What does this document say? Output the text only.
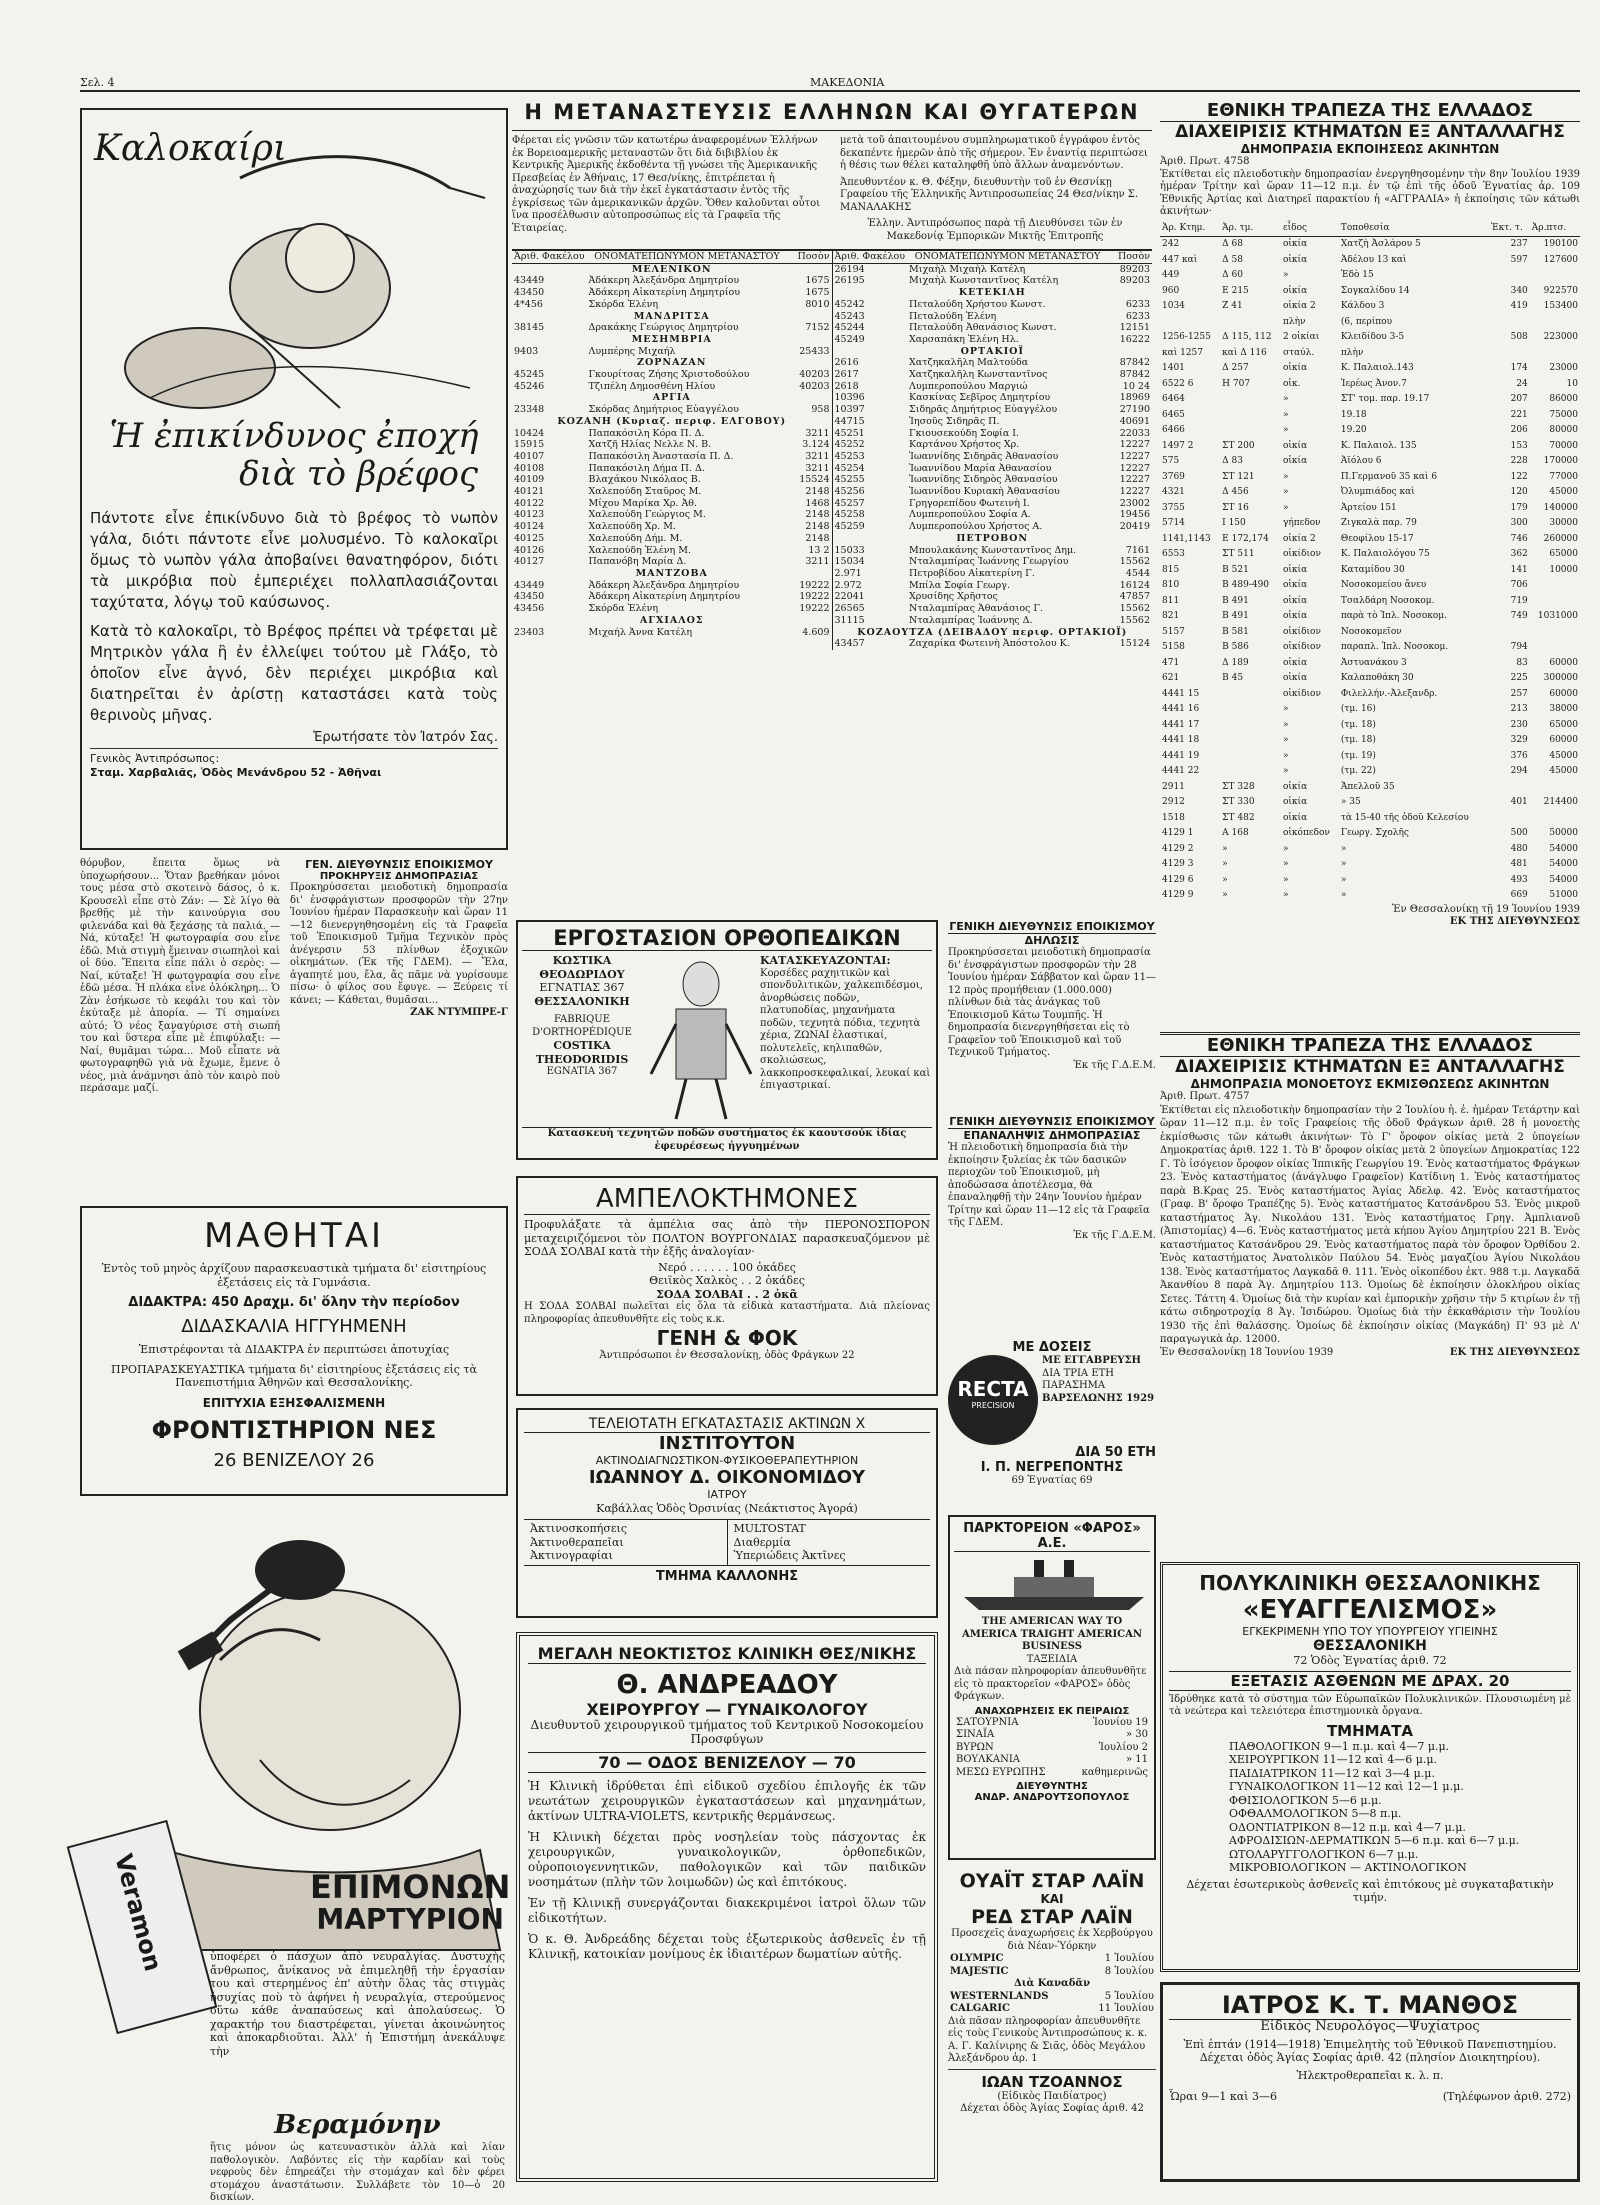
Σελ. 4	ΜΑΚΕΔΟΝΙΑ
Καλοκαίρι
Ἡ ἐπικίνδυνος ἐποχή
διὰ τὸ βρέφος
Πάντοτε εἶνε ἐπικίνδυνο διὰ τὸ βρέφος τὸ νωπὸν γάλα, διότι πάντοτε εἶνε μολυσμένο. Τὸ καλοκαῖρι ὅμως τὸ νωπὸν γάλα ἀποβαίνει θανατηφόρον, διότι τὰ μικρόβια ποὺ ἐμπεριέχει πολλαπλασιάζονται ταχύτατα, λόγῳ τοῦ καύσωνος.
Κατὰ τὸ καλοκαῖρι, τὸ Βρέφος πρέπει νὰ τρέφεται μὲ Μητρικὸν γάλα ἢ ἐν ἐλλείψει τούτου μὲ Γλάξο, τὸ ὁποῖον εἶνε ἁγνό, δὲν περιέχει μικρόβια καὶ διατηρεῖται ἐν ἀρίστῃ καταστάσει κατὰ τοὺς θερινοὺς μῆνας.
Ἐρωτήσατε τὸν Ἰατρόν Σας.
Γενικὸς Ἀντιπρόσωπος:
Σταμ. Χαρβαλιᾶς, Ὁδὸς Μενάνδρου 52 - Ἀθῆναι
θόρυβον, ἔπειτα ὅμως νὰ ὑποχωρήσουν... Ὅταν βρεθήκαν μόνοι τους μέσα στὸ σκοτεινὸ δάσος, ὁ κ. Κρουσελὶ εἶπε στὸ Ζάν: — Σὲ λίγο θὰ βρεθῇς μὲ τὴν καινούργια σου φιλενάδα καὶ θὰ ξεχάσῃς τὰ παλιά. — Νά, κύταξε! Ἡ φωτογραφία σου εἶνε ἐδῶ. Μιὰ στιγμὴ ἔμειναν σιωπηλοὶ καὶ οἱ δύο. Ἔπειτα εἶπε πάλι ὁ σερὸς: — Ναί, κύταξε! Ἡ φωτογραφία σου εἶνε ἐδῶ μέσα. Ἡ πλάκα εἶνε ὁλόκληρη... Ὁ Ζὰν ἐσήκωσε τὸ κεφάλι του καὶ τὸν ἐκύταξε μὲ ἀπορία. — Τί σημαίνει αὐτό; Ὁ νέος ξαναγύρισε στὴ σιωπή του καὶ ὕστερα εἶπε μὲ ἐπιφύλαξι: — Ναί, θυμᾶμαι τώρα... Μοῦ εἶπατε νὰ φωτογραφηθῶ γιὰ νὰ ἔχωμε, ἔμενε ὁ νέος, μιὰ ἀνάμνησι ἀπὸ τὸν καιρὸ ποὺ περάσαμε μαζί.
ΓΕΝ. ΔΙΕΥΘΥΝΣΙΣ ΕΠΟΙΚΙΣΜΟΥ
ΠΡΟΚΗΡΥΞΙΣ ΔΗΜΟΠΡΑΣΙΑΣ
Προκηρύσσεται μειοδοτικὴ δημοπρασία δι' ἐνσφράγιστων προσφορῶν τὴν 27ην Ἰουνίου ἡμέραν Παρασκευὴν καὶ ὥραν 11—12 διενεργηθησομένη εἰς τὰ Γραφεῖα τοῦ Ἐποικισμοῦ Τμῆμα Τεχνικὸν πρὸς ἀνέγερσιν 53 πλίνθων ἐξοχικῶν οἰκημάτων. (Ἐκ τῆς ΓΔΕΜ). — Ἔλα, ἀγαπητέ μου, ἔλα, ἄς πᾶμε νὰ γυρίσουμε πίσω· ὁ φίλος σου ἔφυγε. — Ξεύρεις τί κάνει; — Κάθεται, θυμᾶσαι...
ΖΑΚ ΝΤΥΜΠΡΕ-Γ
ΜΑΘΗΤΑΙ
Ἐντὸς τοῦ μηνὸς ἀρχίζουν παρασκευαστικὰ τμήματα δι' εἰσιτηρίους ἐξετάσεις εἰς τὰ Γυμνάσια.
ΔΙΔΑΚΤΡΑ: 450 Δραχμ. δι' ὅλην τὴν περίοδον
ΔΙΔΑΣΚΑΛΙΑ ΗΓΓΥΗΜΕΝΗ
Ἐπιστρέφονται τὰ ΔΙΔΑΚΤΡΑ ἐν περιπτώσει ἀποτυχίας
ΠΡΟΠΑΡΑΣΚΕΥΑΣΤΙΚΑ τμήματα δι' εἰσιτηρίους ἐξετάσεις εἰς τὰ Πανεπιστήμια Ἀθηνῶν καὶ Θεσσαλονίκης.
ΕΠΙΤΥΧΙΑ ΕΞΗΣΦΑΛΙΣΜΕΝΗ
ΦΡΟΝΤΙΣΤΗΡΙΟΝ ΝΕΣ
26 ΒΕΝΙΖΕΛΟΥ 26
Veramon	ΕΠΙΜΟΝΩΝ
ΜΑΡΤΥΡΙΟΝ
ὑποφέρει ὁ πάσχων ἀπὸ νευραλγίας. Δυστυχὴς ἄνθρωπος, ἄνίκανος νὰ ἐπιμεληθῇ τὴν ἐργασίαν του καὶ στερημένος ἐπ' αὐτὴν ὅλας τὰς στιγμὰς ἡσυχίας ποὺ τὸ ἀφήνει ἡ νευραλγία, στερούμενος οὕτω κάθε ἀναπαύσεως καὶ ἀπολαύσεως. Ὁ χαρακτήρ του διαστρέφεται, γίνεται ἀκοινώνητος καὶ ἀποκαρδιοῦται. Ἀλλ' ἡ Ἐπιστήμη ἀνεκάλυψε τὴν
Βεραμόνην
ἥτις μόνον ὡς κατευναστικὸν ἀλλὰ καὶ λίαν παθολογικὸν. Λαβόντες εἰς τὴν καρδίαν καὶ τοὺς νεφροὺς δὲν ἐπηρεάζει τὴν στομάχαν καὶ δὲν φέρει στομάχου ἀναστάτωσιν. Συλλάβετε τὸν 10—ὁ 20 δισκίων.
Η ΜΕΤΑΝΑΣΤΕΥΣΙΣ ΕΛΛΗΝΩΝ ΚΑΙ ΘΥΓΑΤΕΡΩΝ
Φέρεται εἰς γνῶσιν τῶν κατωτέρω ἀναφερομένων Ἑλλήνων ἐκ Βορειοαμερικῆς μεταναστῶν ὅτι διὰ διβιβλίου ἐκ Κεντρικῆς Ἀμερικῆς ἐκδοθέντα τῇ γνώσει τῆς Ἀμερικανικῆς Πρεσβείας ἐν Ἀθήναις, 17 Θεσ/νίκης, ἐπιτρέπεται ἡ ἀναχώρησίς των διὰ τὴν ἐκεῖ ἐγκατάστασιν ἐντὸς τῆς ἐγκρίσεως τῶν ἀμερικανικῶν ἀρχῶν. Ὅθεν καλοῦνται οὗτοι ἵνα προσέλθωσιν αὐτοπροσώπως εἰς τὰ Γραφεῖα τῆς Ἑταιρείας.
μετὰ τοῦ ἀπαιτουμένου συμπληρωματικοῦ ἐγγράφου ἐντὸς δεκαπέντε ἡμερῶν ἀπὸ τῆς σήμερον. Ἐν ἐναντίᾳ περιπτώσει ἡ θέσις των θέλει καταληφθῆ ὑπὸ ἄλλων ἀναμενόντων.
Ἀπευθυντέον κ. Θ. Φέξην, διευθυντὴν τοῦ ἐν Θεσνίκῃ Γραφείου τῆς Ἑλληνικῆς Ἀντιπροσωπείας 24 Θεσ/νίκην Σ. ΜΑΝΑΛΑΚΗΣ
Ἑλλην. Ἀντιπρόσωπος παρὰ τῇ Διευθύνσει τῶν ἐν Μακεδονίᾳ Ἐμπορικῶν Μικτῆς Ἐπιτροπῆς
Ἀριθ. Φακέλου	ΟΝΟΜΑΤΕΠΩΝΥΜΟΝ ΜΕΤΑΝΑΣΤΟΥ	Ποσὸν
ΜΕΛΕΝΙΚΟΝ		
43449	Ἀδάκερη Ἀλεξάνδρα Δημητρίου	1675
43450	Ἀδάκερη Αἰκατερίνη Δημητρίου	1675
4*456	Σκόρδα Ἑλένη	8010
ΜΑΝΔΡΙΤΣΑ		
38145	Δρακάκης Γεώργιος Δημητρίου	7152
ΜΕΣΗΜΒΡΙΑ		
9403	Λυμπέρης Μιχαήλ	25433
ΖΟΡΝΑΖΑΝ		
45245	Γκουρίτσας Ζήσης Χριστοδούλου	40203
45246	Τζιπέλη Δημοσθένη Ηλίου	40203
ΑΡΓΙΑ		
23348	Σκόρδας Δημήτριος Εὐαγγέλου	958
ΚΟΖΑΝΗ (Κυριαζ. περιφ. ΕΛΓΟΒΟΥ)		
10424	Παπακόσιλη Κόρα Π. Δ.	3211
15915	Χατζῆ Ηλίας Νελλε Ν. Β.	3.124
40107	Παπακόσιλη Ἀναστασία Π. Δ.	3211
40108	Παπακόσιλη Δήμα Π. Δ.	3211
40109	Βλαχάκου Νικόλαος Β.	15524
40121	Χαλεπούδη Σταῦρος Μ.	2148
40122	Μίχου Μαρίκα Χρ. Ἀθ.	1468
40123	Χαλεπούδη Γεώργιος Μ.	2148
40124	Χαλεπούδη Χρ. Μ.	2148
40125	Χαλεπούδη Δήμ. Μ.	2148
40126	Χαλεπούδη Ἑλένη Μ.	13 2
40127	Παπανόβη Μαρία Δ.	3211
ΜΑΝΤΖΟΒΑ		
43449	Ἀδάκερη Ἀλεξάνδρα Δημητρίου	19222
43450	Ἀδάκερη Αἰκατερίνη Δημητρίου	19222
43456	Σκόρδα Ἑλένη	19222
ΑΓΧΙΑΛΟΣ		
23403	Μιχαήλ Ἀννα Κατέλη	4.609
Ἀριθ. Φακέλου	ΟΝΟΜΑΤΕΠΩΝΥΜΟΝ ΜΕΤΑΝΑΣΤΟΥ	Ποσὸν
26194	Μιχαὴλ Μιχαὴλ Κατέλη	89203
26195	Μιχαὴλ Κωνσταντῖνος Κατέλη	89203
ΚΕΤΕΚΙΛΗ		
45242	Πεταλούδη Χρήστου Κωνστ.	6233
45243	Πεταλούδη Ἑλένη	6233
45244	Πεταλούδη Ἀθανάσιος Κωνστ.	12151
45249	Χαρσαπάκη Ἑλένη Ηλ.	16222
ΟΡΤΑΚΙΟΪ		
2616	Χατζηκαλῆλη Μαλτούδα	87842
2617	Χατζηκαλῆλη Κωνσταντῖνος	87842
2618	Λυμπεροπούλου Μαργιώ	10 24
10396	Κασκίνας Σεβῖρος Δημητρίου	18969
10397	Σιδηρᾶς Δημήτριος Εὐαγγέλου	27190
44715	Ἰησοῦς Σιδηρᾶς Π.	40691
45251	Γκιουσεκούδη Σοφία Ι.	22033
45252	Καρτάνου Χρήστος Χρ.	12227
45253	Ἰωαννίδης Σιδηρᾶς Ἀθανασίου	12227
45254	Ἰωαννίδου Μαρία Ἀθανασίου	12227
45255	Ἰωαννίδης Σιδηρὸς Ἀθανασίου	12227
45256	Ἰωαννίδου Κυριακὴ Ἀθανασίου	12227
45257	Γρηγορεπίδου Φωτεινὴ Ι.	23002
45258	Λυμπεροπούλου Σοφία Α.	19456
45259	Λυμπεροπούλου Χρήστος Α.	20419
ΠΕΤΡΟΒΟΝ		
15033	Μπουλακάνης Κωνσταντῖνος Δημ.	7161
15034	Νταλαμπίρας Ἰωάννης Γεωργίου	15562
2.971	Πετροβίδου Αἰκατερίνη Γ.	4544
2.972	Μπίλα Σοφία Γεωργ.	16124
22041	Χρυσίδης Χρῆστος	47857
26565	Νταλαμπίρας Ἀθανάσιος Γ.	15562
31115	Νταλαμπίρας Ἰωάννης Δ.	15562
ΚΟΖΑΟΥΤΖΑ (ΔΕΙΒΑΔΟΥ περιφ. ΟΡΤΑΚΙΟΪ)		
43457	Ζαχαρίκα Φωτεινὴ Ἀπόστολου Κ.	15124
ΕΡΓΟΣΤΑΣΙΟΝ ΟΡΘΟΠΕΔΙΚΩΝ
ΚΩΣΤΙΚΑ ΘΕΟΔΩΡΙΔΟΥ
ΕΓΝΑΤΙΑΣ 367
ΘΕΣΣΑΛΟΝΙΚΗ
FABRIQUE D'ORTHOPÉDIQUE
COSTIKA THEODORIDIS
EGNATIA 367
ΚΑΤΑΣΚΕΥΑΖΟΝΤΑΙ:
Κορσέδες ραχηιτικῶν καὶ σπονδυλιτικῶν, χαλκεπιδέσμοι, ἀνορθώσεις ποδῶν, πλατυποδίας, μηχανήματα ποδῶν, τεχνητὰ πόδια, τεχνητὰ χέρια, ΖΩΝΑΙ ἐλαστικαί, πολυτελεῖς, κηλιπαθῶν, σκολιώσεως, λακκοπροσκεφαλικαί, λευκαί καὶ ἐπιγαστρικαί.
Κατασκευὴ τεχνητῶν ποδῶν συστήματος ἐκ καουτσούκ ἰδίας ἐφευρέσεως ἠγγυημένων
ΓΕΝΙΚΗ ΔΙΕΥΘΥΝΣΙΣ ΕΠΟΙΚΙΣΜΟΥ
ΔΗΛΩΣΙΣ
Προκηρύσσεται μειοδοτικὴ δημοπρασία δι' ἐνσφράγιστων προσφορῶν τὴν 28 Ἰουνίου ἡμέραν Σάββατον καὶ ὥραν 11—12 πρὸς προμήθειαν (1.000.000) πλίνθων διὰ τὰς ἀνάγκας τοῦ Ἐποικισμοῦ Κάτω Τουμπῆς. Ἡ δημοπρασία διενεργηθήσεται εἰς τὸ Γραφεῖον τοῦ Ἐποικισμοῦ καὶ τοῦ Τεχνικοῦ Τμήματος.
Ἐκ τῆς Γ.Δ.Ε.Μ.
ΓΕΝΙΚΗ ΔΙΕΥΘΥΝΣΙΣ ΕΠΟΙΚΙΣΜΟΥ
ΕΠΑΝΑΛΗΨΙΣ ΔΗΜΟΠΡΑΣΙΑΣ
Ἡ πλειοδοτικὴ δημοπρασία διὰ τὴν ἐκποίησιν ξυλείας ἐκ τῶν δασικῶν περιοχῶν τοῦ Ἐποικισμοῦ, μὴ ἀποδώσασα ἀποτέλεσμα, θὰ ἐπαναληφθῇ τὴν 24ην Ἰουνίου ἡμέραν Τρίτην καὶ ὥραν 11—12 εἰς τὰ Γραφεῖα τῆς ΓΔΕΜ.
Ἐκ τῆς Γ.Δ.Ε.Μ.
ΑΜΠΕΛΟΚΤΗΜΟΝΕΣ
Προφυλάξατε τὰ ἀμπέλια σας ἀπὸ τὴν ΠΕΡΟΝΟΣΠΟΡΟΝ μεταχειριζόμενοι τὸν ΠΟΛΤΟΝ ΒΟΥΡΓΟΝΔΙΑΣ παρασκευαζόμενον μὲ ΣΟΔΑ ΣΟΛΒΑΙ κατὰ τὴν ἑξῆς ἀναλογίαν·
Νερό . . . . . . 100 ὀκάδες
Θειϊκὸς Χαλκὸς . . 2 ὀκάδες
ΣΟΔΑ ΣΟΛΒΑΙ . . 2 ὀκᾶ
Η ΣΟΔΑ ΣΟΛΒΑΙ πωλεῖται εἰς ὅλα τὰ εἰδικὰ καταστήματα. Διὰ πλείονας πληροφορίας ἀπευθυνθῆτε εἰς τοὺς κ.κ.
ΓΕΝΗ & ΦΟΚ
Ἀντιπρόσωποι ἐν Θεσσαλονίκῃ, ὁδὸς Φράγκων 22
ΜΕ ΔΟΣΕΙΣ
RECTA
PRECISION
ΜΕ ΕΓΓΑΒΡΕΥΣΗ
ΔΙΑ ΤΡΙΑ ΕΤΗ
ΠΑΡΑΣΗΜΑ
ΒΑΡΣΕΛΩΝΗΣ 1929
ΔΙΑ 50 ΕΤΗ
Ι. Π. ΝΕΓΡΕΠΟΝΤΗΣ
69 Ἐγνατίας 69
ΤΕΛΕΙΟΤΑΤΗ ΕΓΚΑΤΑΣΤΑΣΙΣ ΑΚΤΙΝΩΝ Χ
ΙΝΣΤΙΤΟΥΤΟΝ
ΑΚΤΙΝΟΔΙΑΓΝΩΣΤΙΚΟΝ-ΦΥΣΙΚΟΘΕΡΑΠΕΥΤΗΡΙΟΝ
ΙΩΑΝΝΟΥ Δ. ΟΙΚΟΝΟΜΙΔΟΥ
ΙΑΤΡΟΥ
Καβάλλας Ὁδὸς Ὀρσινίας (Νεάκτιστος Ἀγορά)
Ἀκτινοσκοπήσεις
Ἀκτινοθεραπεῖαι
Ἀκτινογραφίαι
MULTOSTAT
Διαθερμία
Ὑπεριώδεις Ἀκτῖνες
ΤΜΗΜΑ ΚΑΛΛΟΝΗΣ
ΜΕΓΑΛΗ ΝΕΟΚΤΙΣΤΟΣ ΚΛΙΝΙΚΗ ΘΕΣ/ΝΙΚΗΣ
Θ. ΑΝΔΡΕΑΔΟΥ
ΧΕΙΡΟΥΡΓΟΥ — ΓΥΝΑΙΚΟΛΟΓΟΥ
Διευθυντοῦ χειρουργικοῦ τμήματος τοῦ Κεντρικοῦ Νοσοκομείου Προσφύγων
70 — ΟΔΟΣ ΒΕΝΙΖΕΛΟΥ — 70
Ἡ Κλινικὴ ἱδρύθεται ἐπὶ εἰδικοῦ σχεδίου ἐπιλογῆς ἐκ τῶν νεωτάτων χειρουργικῶν ἐγκαταστάσεων καὶ μηχανημάτων, ἀκτίνων ULTRA-VIOLETS, κεντρικῆς θερμάνσεως.
Ἡ Κλινικὴ δέχεται πρὸς νοσηλείαν τοὺς πάσχοντας ἐκ χειρουργικῶν, γυναικολογικῶν, ὀρθοπεδικῶν, οὐροποιογεννητικῶν, παθολογικῶν καὶ τῶν παιδικῶν νοσημάτων (πλὴν τῶν λοιμωδῶν) ὡς καὶ ἐπιτόκους.
Ἐν τῇ Κλινικῇ συνεργάζονται διακεκριμένοι ἰατροὶ ὅλων τῶν εἰδικοτήτων.
Ὁ κ. Θ. Ἀνδρεάδης δέχεται τοὺς ἐξωτερικοὺς ἀσθενεῖς ἐν τῇ Κλινικῇ, κατοικίαν μονίμους ἐκ ἰδιαιτέρων δωματίων αὐτῆς.
ΠΑΡΚΤΟΡΕΙΟΝ «ΦΑΡΟΣ» Α.Ε.
THE AMERICAN WAY TO AMERICA TRAIGHT AMERICAN BUSINESS
ΤΑΞΕΙΔΙΑ
Διὰ πάσαν πληροφορίαν ἀπευθυνθῆτε εἰς τὸ πρακτορεῖον «ΦΑΡΟΣ» ὁδὸς Φράγκων.
ΑΝΑΧΩΡΗΣΕΙΣ ΕΚ ΠΕΙΡΑΙΩΣ
ΣΑΤΟΥΡΝΙΑ	Ἰουνίου 19
ΣΙΝΑΪΑ	» 30
ΒΥΡΩΝ	Ἰουλίου 2
ΒΟΥΛΚΑΝΙΑ	» 11
ΜΕΣΩ ΕΥΡΩΠΗΣ	καθημερινῶς
ΔΙΕΥΘΥΝΤΗΣ
ΑΝΔΡ. ΑΝΔΡΟΥΤΣΟΠΟΥΛΟΣ
ΟΥΑΪΤ ΣΤΑΡ ΛΑΪΝ
ΚΑΙ
ΡΕΔ ΣΤΑΡ ΛΑΪΝ
Προσεχεῖς ἀναχωρήσεις ἐκ Χερβούργου διὰ Νέαν-Ὑόρκην
OLYMPIC	1 Ἰουλίου
MAJESTIC	8 Ἰουλίου
Διὰ Καναδᾶν
WESTERNLANDS	5 Ἰουλίου
CALGARIC	11 Ἰουλίου
Διὰ πᾶσαν πληροφορίαν ἀπευθυνθῆτε εἰς τοὺς Γενικοὺς Ἀντιπροσώπους κ. κ. Α. Γ. Καλίνιρης & Σιᾶς, ὁδὸς Μεγάλου Ἀλεξάνδρου ἀρ. 1
ΙΩΑΝ ΤΖΟΑΝΝΟΣ
(Εἰδικὸς Παιδίατρος)
Δέχεται ὁδὸς Ἁγίας Σοφίας ἀριθ. 42
ΕΘΝΙΚΗ ΤΡΑΠΕΖΑ ΤΗΣ ΕΛΛΑΔΟΣ
ΔΙΑΧΕΙΡΙΣΙΣ ΚΤΗΜΑΤΩΝ ΕΞ ΑΝΤΑΛΛΑΓΗΣ
ΔΗΜΟΠΡΑΣΙΑ ΕΚΠΟΙΗΣΕΩΣ ΑΚΙΝΗΤΩΝ
Ἀριθ. Πρωτ. 4758
Ἐκτίθεται εἰς πλειοδοτικὴν δημοπρασίαν ἐνεργηθησομένην τὴν 8ην Ἰουλίου 1939 ἡμέραν Τρίτην καὶ ὥραν 11—12 π.μ. ἐν τῷ ἐπὶ τῆς ὁδοῦ Ἐγνατίας ἀρ. 109 Ἐθνικῆς Ἀρτίας καὶ Διατηρεῖ παρακτίου ἡ «ΑΓΓΡΑΛΙΑ» ἡ ἐκποίησις τῶν κάτωθι ἀκινήτων·
Ἀρ. Κτημ.	Ἀρ. τμ.	εἶδος	Τοποθεσία	Ἐκτ. τ.	Ἀρ.πτσ.
242	Δ 68	οἰκία	Χατζὴ Ἀσλάρου 5	237	190100
447 καὶ	Δ 58	οἰκία	Ἀδέλου 13 καὶ	597	127600
449	Δ 60	»	Ἐδὸ 15		
960	Ε 215	οἰκία	Σογκαλίδου 14	340	922570
1034	Ζ 41	οἰκία 2	Κάλδου 3	419	153400
		πλὴν	(6, περίπου		
1256-1255	Δ 115, 112	2 οἰκίαι	Κλειδίδου 3-5	508	223000
καὶ 1257	καὶ Δ 116	σταύλ.	πλὴν		
1401	Δ 257	οἰκία	Κ. Παλαιολ.143	174	23000
6522 6	Η 707	οἰκ.	Ἱερέως Ἀνον.7	24	10
6464		»	ΣΤ' τομ. παρ. 19.17	207	86000
6465		»	19.18	221	75000
6466		»	19.20	206	80000
1497 2	ΣΤ 200	οἰκία	Κ. Παλαιολ. 135	153	70000
575	Δ 83	οἰκία	Ἀϊόλου 6	228	170000
3769	ΣΤ 121	»	Π.Γερμανοῦ 35 καὶ 6	122	77000
4321	Δ 456	»	Ὀλυμπιάδος καὶ	120	45000
3755	ΣΤ 16	»	Ἀρτείου 151	179	140000
5714	Ι 150	γήπεδον	Ζιγκαλὰ παρ. 79	300	30000
1141,1143	Ε 172,174	οἰκία 2	Θεοφίλου 15-17	746	260000
6553	ΣΤ 511	οἰκίδιον	Κ. Παλαιολόγου 75	362	65000
815	Β 521	οἰκία	Καταμίδου 30	141	10000
810	Β 489-490	οἰκία	Νοσοκομείου ἄνευ	706	
811	Β 491	οἰκία	Τσαλδάρη Νοσοκομ.	719	
821	Β 491	οἰκία	παρὰ τὸ Ἰπλ. Νοσοκομ.	749	1031000
5157	Β 581	οἰκίδιον	Νοσοκομεῖον		
5158	Β 586	οἰκίδιον	παραπλ. Ἰπλ. Νοσοκομ.	794	
471	Δ 189	οἰκία	Ἀστυανάκου 3	83	60000
621	Β 45	οἰκία	Καλαποθάκη 30	225	300000
4441 15		οἰκίδιον	Φιλελλήν.-Ἀλεξανδρ.	257	60000
4441 16		»	(τμ. 16)	213	38000
4441 17		»	(τμ. 18)	230	65000
4441 18		»	(τμ. 18)	329	60000
4441 19		»	(τμ. 19)	376	45000
4441 22		»	(τμ. 22)	294	45000
2911	ΣΤ 328	οἰκία	Ἀπελλοῦ 35		
2912	ΣΤ 330	οἰκία	» 35	401	214400
1518	ΣΤ 482	οἰκία	τὰ 15-40 τῆς ὁδοῦ Κελεσίου		
4129 1	Α 168	οἰκόπεδον	Γεωργ. Σχολῆς	500	50000
4129 2	»	»	»	480	54000
4129 3	»	»	»	481	54000
4129 6	»	»	»	493	54000
4129 9	»	»	»	669	51000
Ἐν Θεσσαλονίκῃ τῇ 19 Ἰουνίου 1939
ΕΚ ΤΗΣ ΔΙΕΥΘΥΝΣΕΩΣ
ΕΘΝΙΚΗ ΤΡΑΠΕΖΑ ΤΗΣ ΕΛΛΑΔΟΣ
ΔΙΑΧΕΙΡΙΣΙΣ ΚΤΗΜΑΤΩΝ ΕΞ ΑΝΤΑΛΛΑΓΗΣ
ΔΗΜΟΠΡΑΣΙΑ ΜΟΝΟΕΤΟΥΣ ΕΚΜΙΣΘΩΣΕΩΣ ΑΚΙΝΗΤΩΝ
Ἀριθ. Πρωτ. 4757
Ἐκτίθεται εἰς πλειοδοτικὴν δημοπρασίαν τὴν 2 Ἰουλίου ἡ. ἐ. ἡμέραν Τετάρτην καὶ ὥραν 11—12 π.μ. ἐν τοῖς Γραφείοις τῆς ὁδοῦ Φράγκων ἀριθ. 28 ἡ μονοετὴς ἐκμίσθωσις τῶν κάτωθι ἀκινήτων· Τὸ Γ' ὄροφον οἰκίας μετὰ 2 ὑπογείων Δημοκρατίας ἀριθ. 122 1. Τὸ Β' ὄροφον οἰκίας μετὰ 2 ὑπογείων Δημοκρατίας 122 Γ. Τὸ ἰσόγειον ὄροφον οἰκίας Ἱππικῆς Γεωργίου 19. Ἑνὸς καταστήματος Φράγκων 23. Ἑνὸς καταστήματος (ἀνάγλυφο Γραφεῖον) Κατίδινη 1. Ἑνὸς καταστήματος παρὰ Β.Κρας 25. Ἑνὸς καταστήματος Ἁγίας Ἀδελφ. 42. Ἑνὸς καταστήματος (Γραφ. Β' ὄροφο Τραπέζης 5). Ἑνὸς καταστήματος Κατσάνδρου 53. Ἑνὸς μικροῦ καταστήματος Ἁγ. Νικολάου 131. Ἑνὸς καταστήματος Γρηγ. Ἀμπλιανοῦ (Ἀπιστομίας) 4—6. Ἑνὸς καταστήματος μετὰ κήπου Ἁγίου Δημητρίου 221 Β. Ἑνὸς καταστήματος Κατσάνδρου 29. Ἑνὸς καταστήματος παρὰ τὸν ὄροφον Ὀρθίδου 2. Ἑνὸς καταστήματος Ἀνατολικὸν Παύλου 54. Ἑνὸς μαγαζίου Ἁγίου Νικολάου 138. Ἑνὸς καταστήματος Λαγκαδᾶ θ. 111. Ἑνὸς οἰκοπέδου ἐκτ. 988 τ.μ. Λαγκαδᾶ Ἀκανθίου 8 παρὰ Ἁγ. Δημητρίου 113. Ὁμοίως δὲ ἐκποίησιν ὁλοκλήρου οἰκίας Σετες. Τάττη 4. Ὁμοίως διὰ τὴν κυρίαν καὶ ἐμπορικὴν χρῆσιν τὴν 5 κτιρίων ἐν τῇ κάτω σιδηροτροχίᾳ 8 Ἀγ. Ἰσιδώρου. Ὁμοίως διὰ τὴν ἐκκαθάρισιν τὴν Ἰουλίου 1930 τῆς ἐπὶ θαλάσσης. Ὁμοίως δὲ ἐκποίησιν οἰκίας (Μαγκάδη) Π' 93 μὲ Λ' παραγωγικὰ ἀρ. 12000.
Ἐν Θεσσαλονίκῃ 18 Ἰουνίου 1939	ΕΚ ΤΗΣ ΔΙΕΥΘΥΝΣΕΩΣ
ΠΟΛΥΚΛΙΝΙΚΗ ΘΕΣΣΑΛΟΝΙΚΗΣ
«ΕΥΑΓΓΕΛΙΣΜΟΣ»
ΕΓΚΕΚΡΙΜΕΝΗ ΥΠΟ ΤΟΥ ΥΠΟΥΡΓΕΙΟΥ ΥΓΙΕΙΝΗΣ
ΘΕΣΣΑΛΟΝΙΚΗ
72 Ὁδὸς Ἐγνατίας ἀριθ. 72
ΕΞΕΤΑΣΙΣ ΑΣΘΕΝΩΝ ΜΕ ΔΡΑΧ. 20
Ἱδρύθηκε κατὰ τὸ σύστημα τῶν Εὐρωπαϊκῶν Πολυκλινικῶν. Πλουσιωμένη μὲ τὰ νεώτερα καὶ τελειότερα ἐπιστημονικὰ ὄργανα.
ΤΜΗΜΑΤΑ
ΠΑΘΟΛΟΓΙΚΟΝ 9—1 π.μ. καὶ 4—7 μ.μ.
ΧΕΙΡΟΥΡΓΙΚΟΝ 11—12 καὶ 4—6 μ.μ.
ΠΑΙΔΙΑΤΡΙΚΟΝ 11—12 καὶ 3—4 μ.μ.
ΓΥΝΑΙΚΟΛΟΓΙΚΟΝ 11—12 καὶ 12—1 μ.μ.
ΦΘΙΣΙΟΛΟΓΙΚΟΝ 5—6 μ.μ.
ΟΦΘΑΛΜΟΛΟΓΙΚΟΝ 5—8 π.μ.
ΟΔΟΝΤΙΑΤΡΙΚΟΝ 8—12 π.μ. καὶ 4—7 μ.μ.
ΑΦΡΟΔΙΣΙΩΝ-ΔΕΡΜΑΤΙΚΩΝ 5—6 π.μ. καὶ 6—7 μ.μ.
ΩΤΟΛΑΡΥΓΓΟΛΟΓΙΚΟΝ 6—7 μ.μ.
ΜΙΚΡΟΒΙΟΛΟΓΙΚΟΝ — ΑΚΤΙΝΟΛΟΓΙΚΟΝ
Δέχεται ἐσωτερικοὺς ἀσθενεῖς καὶ ἐπιτόκους μὲ συγκαταβατικὴν τιμήν.
ΙΑΤΡΟΣ Κ. Τ. ΜΑΝΘΟΣ
Εἰδικὸς Νευρολόγος—Ψυχίατρος
Ἐπὶ ἑπτάν (1914—1918) Ἐπιμελητὴς τοῦ Ἐθνικοῦ Πανεπιστημίου. Δέχεται ὁδὸς Ἁγίας Σοφίας ἀριθ. 42 (πλησίον Διοικητηρίου).
Ἡλεκτροθεραπεῖαι κ. λ. π.
Ὧραι 9—1 καὶ 3—6	(Τηλέφωνον ἀριθ. 272)
